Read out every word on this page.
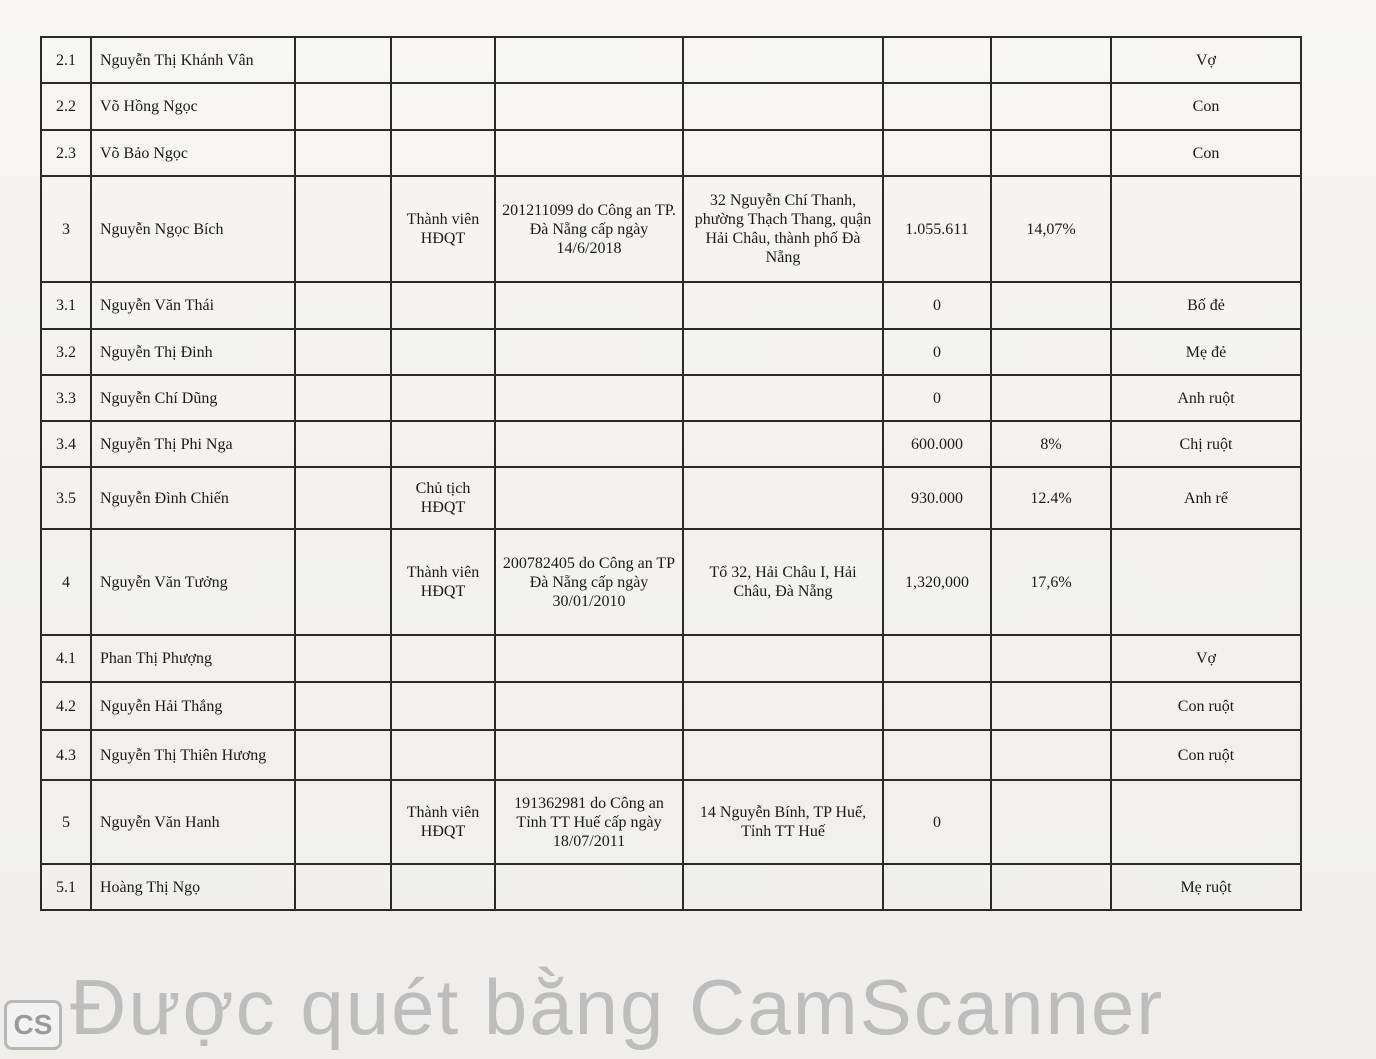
2.1	Nguyễn Thị Khánh Vân							Vợ
2.2	Võ Hồng Ngọc							Con
2.3	Võ Bảo Ngọc							Con
3	Nguyễn Ngọc Bích		Thành viên HĐQT	201211099 do Công an TP. Đà Nẵng cấp ngày 14/6/2018	32 Nguyễn Chí Thanh, phường Thạch Thang, quận Hải Châu, thành phố Đà Nẵng	1.055.611	14,07%	
3.1	Nguyễn Văn Thái					0		Bố đẻ
3.2	Nguyễn Thị Đinh					0		Mẹ đẻ
3.3	Nguyễn Chí Dũng					0		Anh ruột
3.4	Nguyễn Thị Phi Nga					600.000	8%	Chị ruột
3.5	Nguyễn Đình Chiến		Chủ tịch HĐQT			930.000	12.4%	Anh rể
4	Nguyễn Văn Tưởng		Thành viên HĐQT	200782405 do Công an TP Đà Nẵng cấp ngày 30/01/2010	Tổ 32, Hải Châu I, Hải Châu, Đà Nẵng	1,320,000	17,6%	
4.1	Phan Thị Phượng							Vợ
4.2	Nguyễn Hải Thắng							Con ruột
4.3	Nguyễn Thị Thiên Hương							Con ruột
5	Nguyễn Văn Hanh		Thành viên HĐQT	191362981 do Công an Tỉnh TT Huế cấp ngày 18/07/2011	14 Nguyễn Bính, TP Huế, Tỉnh TT Huế	0		
5.1	Hoàng Thị Ngọ							Mẹ ruột
CS Được quét bằng CamScanner
